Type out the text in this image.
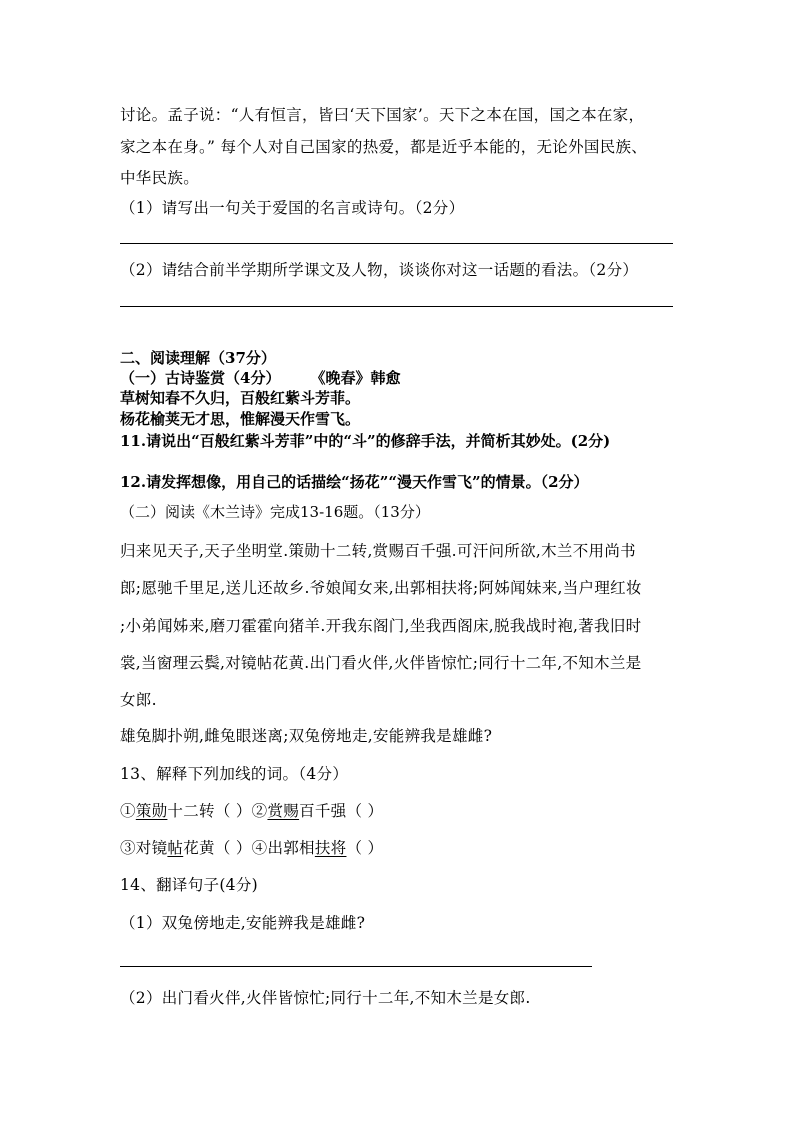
讨论。孟子说：“人有恒言，皆曰‘天下国家’。天下之本在国，国之本在家，
家之本在身。” 每个人对自己国家的热爱，都是近乎本能的，无论外国民族、
中华民族。
（1）请写出一句关于爱国的名言或诗句。（2分）
（2）请结合前半学期所学课文及人物，谈谈你对这一话题的看法。（2分）
二、阅读理解（37分）
（一）古诗鉴赏（4分） 《晚春》韩愈
草树知春不久归，百般红紫斗芳菲。
杨花榆荚无才思，惟解漫天作雪飞。
11.请说出“百般红紫斗芳菲”中的“斗”的修辞手法，并简析其妙处。(2分)
12.请发挥想像，用自己的话描绘“扬花”“漫天作雪飞”的情景。（2分）
（二）阅读《木兰诗》完成13-16题。（13分）
归来见天子,天子坐明堂.策勋十二转,赏赐百千强.可汗问所欲,木兰不用尚书
郎;愿驰千里足,送儿还故乡.爷娘闻女来,出郭相扶将;阿姊闻妹来,当户理红妆
;小弟闻姊来,磨刀霍霍向猪羊.开我东阁门,坐我西阁床,脱我战时袍,著我旧时
裳,当窗理云鬓,对镜帖花黄.出门看火伴,火伴皆惊忙;同行十二年,不知木兰是
女郎.
雄兔脚扑朔,雌兔眼迷离;双兔傍地走,安能辨我是雄雌?
13、解释下列加线的词。（4分）
①策勋十二转（ ）②赏赐百千强（ ）
③对镜帖花黄（ ）④出郭相扶将（ ）
14、翻译句子(4分)
（1）双兔傍地走,安能辨我是雄雌?
（2）出门看火伴,火伴皆惊忙;同行十二年,不知木兰是女郎.
